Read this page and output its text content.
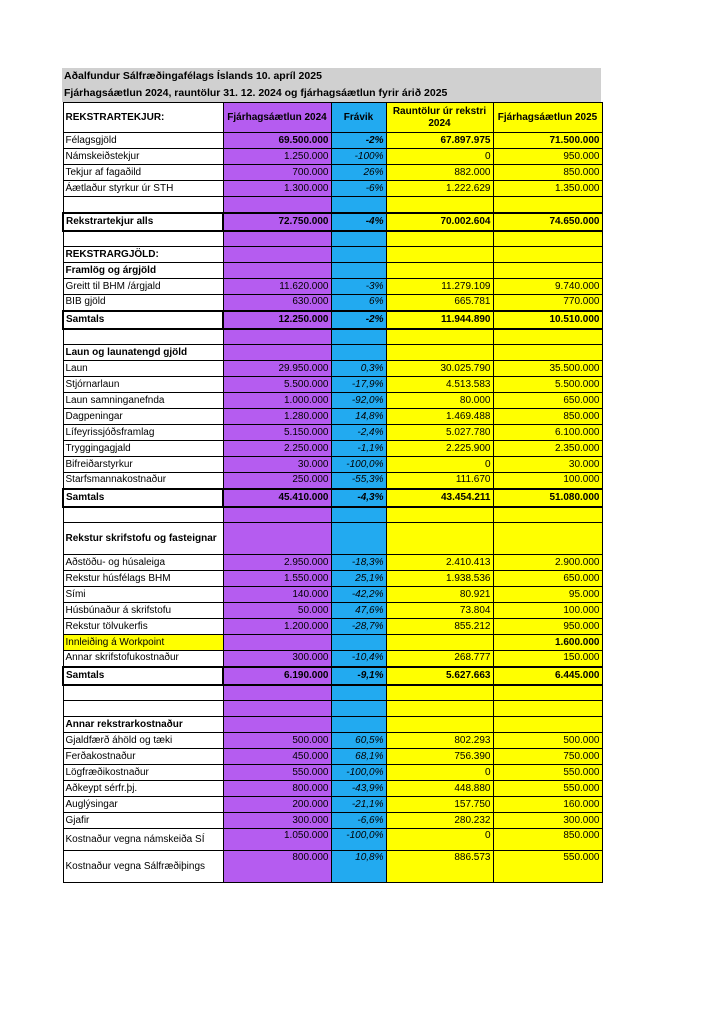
Aðalfundur Sálfræðingafélags Íslands 10. apríl 2025
Fjárhagsáætlun 2024, rauntölur 31. 12. 2024 og fjárhagsáætlun fyrir árið 2025
REKSTRARTEKJUR:	Fjárhagsáætlun 2024	Frávik	Rauntölur úr rekstri 2024	Fjárhagsáætlun 2025
Félagsgjöld	69.500.000	-2%	67.897.975	71.500.000
Námskeiðstekjur	1.250.000	-100%	0	950.000
Tekjur af fagaðild	700.000	26%	882.000	850.000
Áætlaður styrkur úr STH	1.300.000	-6%	1.222.629	1.350.000

Rekstrartekjur alls	72.750.000	-4%	70.002.604	74.650.000

REKSTRARGJÖLD:				
Framlög og árgjöld				
Greitt til BHM /árgjald	11.620.000	-3%	11.279.109	9.740.000
BIB gjöld	630.000	6%	665.781	770.000
Samtals	12.250.000	-2%	11.944.890	10.510.000

Laun og launatengd gjöld				
Laun	29.950.000	0,3%	30.025.790	35.500.000
Stjórnarlaun	5.500.000	-17,9%	4.513.583	5.500.000
Laun samninganefnda	1.000.000	-92,0%	80.000	650.000
Dagpeningar	1.280.000	14,8%	1.469.488	850.000
Lífeyrissjóðsframlag	5.150.000	-2,4%	5.027.780	6.100.000
Tryggingagjald	2.250.000	-1,1%	2.225.900	2.350.000
Bifreiðarstyrkur	30.000	-100,0%	0	30.000
Starfsmannakostnaður	250.000	-55,3%	111.670	100.000
Samtals	45.410.000	-4,3%	43.454.211	51.080.000

Rekstur skrifstofu og fasteignar				
Aðstöðu- og húsaleiga	2.950.000	-18,3%	2.410.413	2.900.000
Rekstur húsfélags BHM	1.550.000	25,1%	1.938.536	650.000
Sími	140.000	-42,2%	80.921	95.000
Húsbúnaður á skrifstofu	50.000	47,6%	73.804	100.000
Rekstur tölvukerfis	1.200.000	-28,7%	855.212	950.000
Innleiðing á Workpoint				1.600.000
Annar skrifstofukostnaður	300.000	-10,4%	268.777	150.000
Samtals	6.190.000	-9,1%	5.627.663	6.445.000

Annar rekstrarkostnaður				
Gjaldfærð áhöld og tæki	500.000	60,5%	802.293	500.000
Ferðakostnaður	450.000	68,1%	756.390	750.000
Lögfræðikostnaður	550.000	-100,0%	0	550.000
Aðkeypt sérfr.þj.	800.000	-43,9%	448.880	550.000
Auglýsingar	200.000	-21,1%	157.750	160.000
Gjafir	300.000	-6,6%	280.232	300.000
Kostnaður vegna námskeiða SÍ	1.050.000	-100,0%	0	850.000
Kostnaður vegna Sálfræðiþings	800.000	10,8%	886.573	550.000
